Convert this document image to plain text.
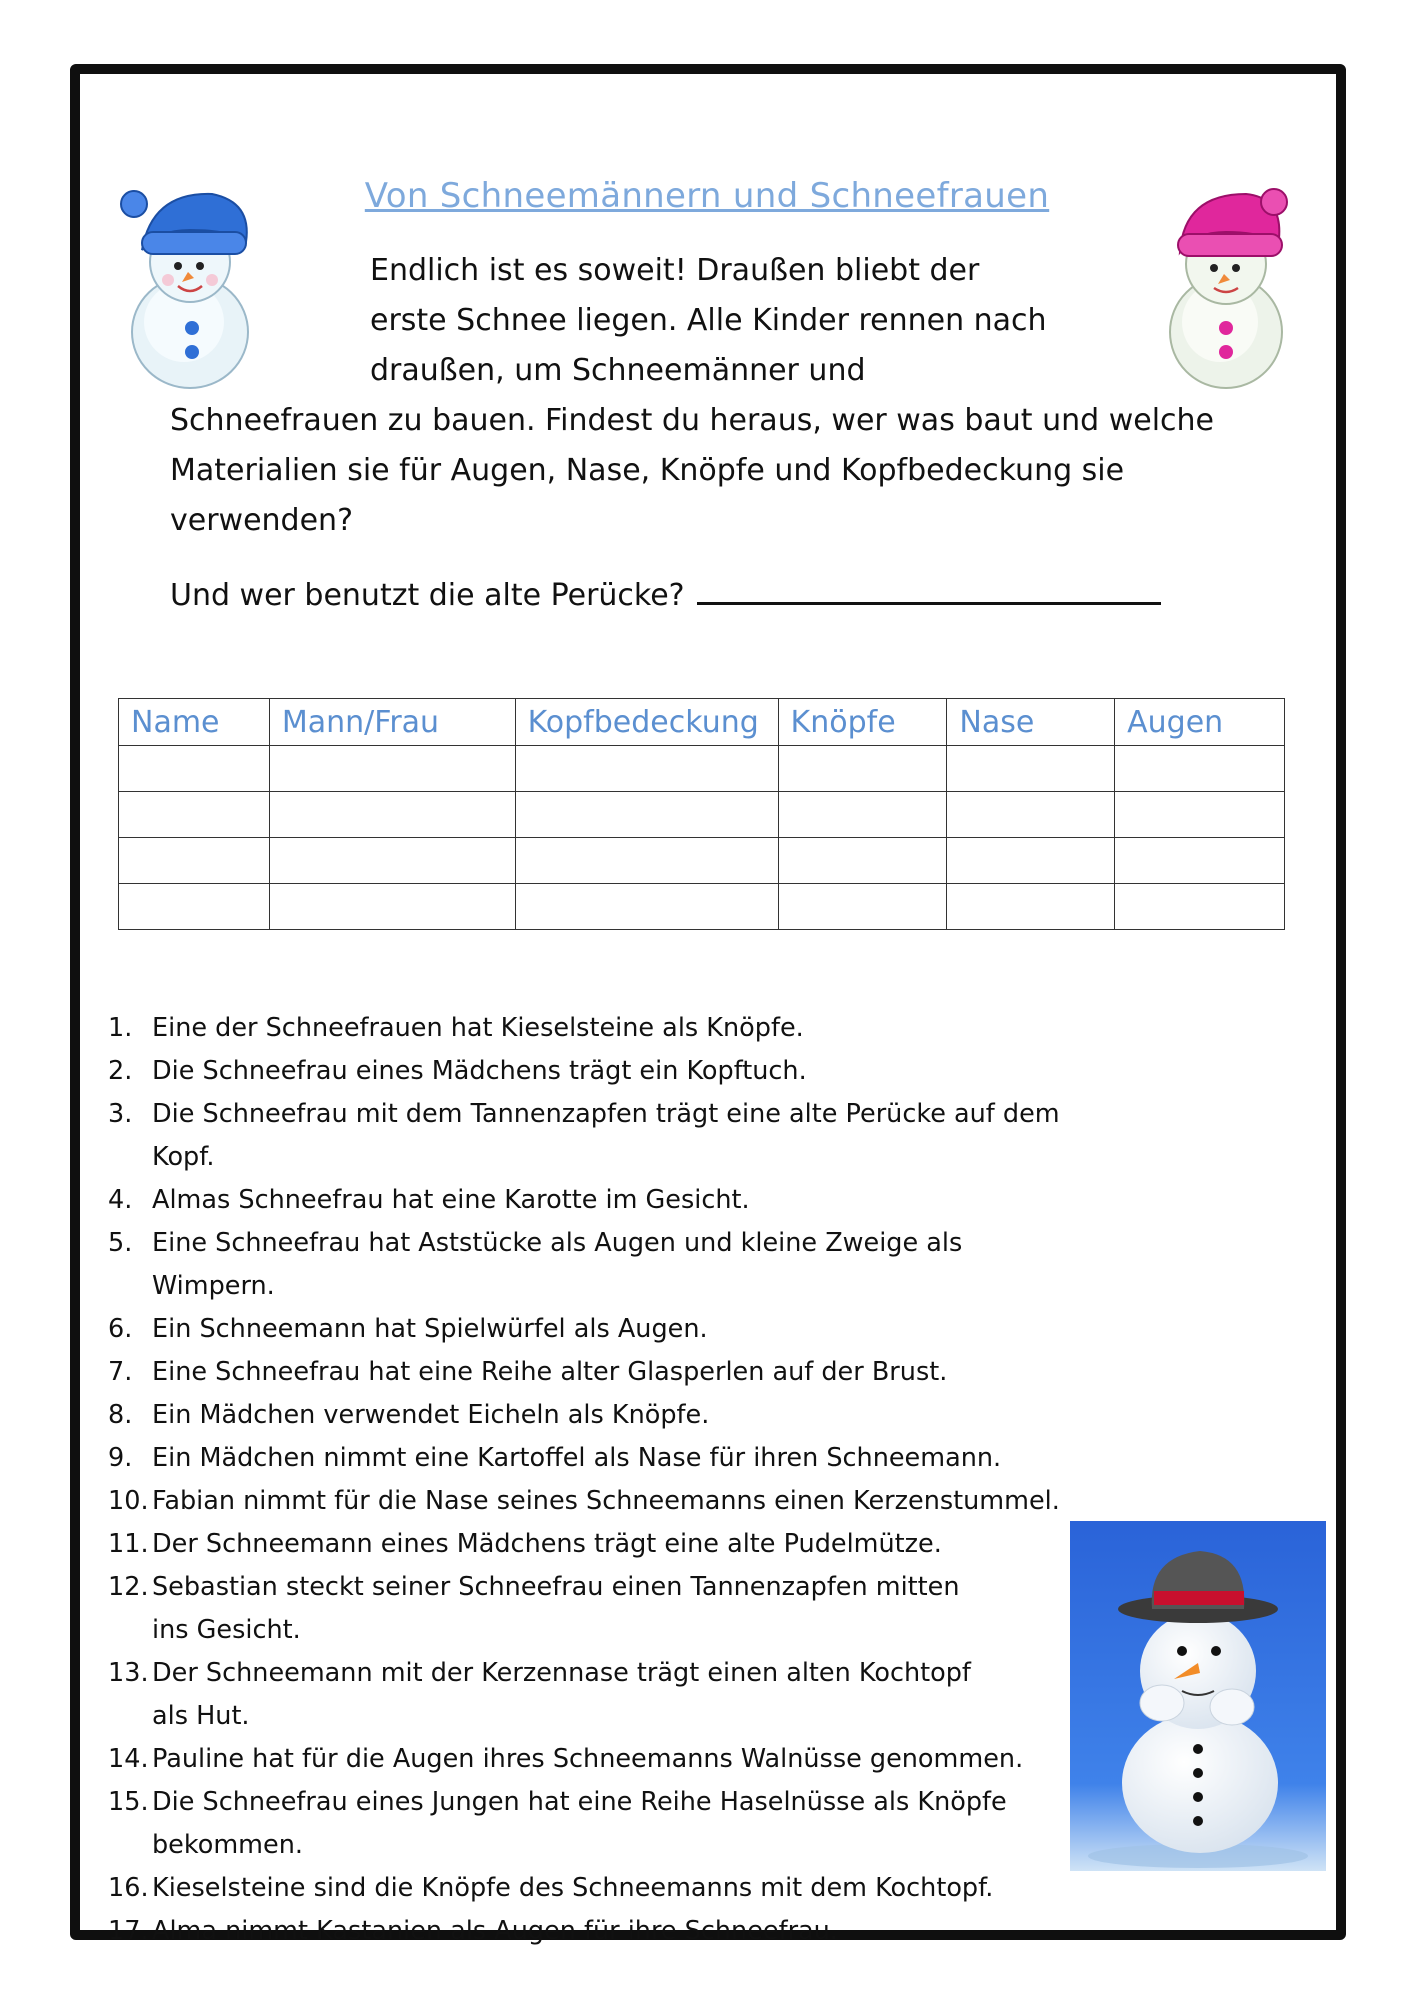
Von Schneemännern und Schneefrauen
Endlich ist es soweit! Draußen bliebt der
erste Schnee liegen. Alle Kinder rennen nach
draußen, um Schneemänner und
Schneefrauen zu bauen. Findest du heraus, wer was baut und welche
Materialien sie für Augen, Nase, Knöpfe und Kopfbedeckung sie
verwenden?
Und wer benutzt die alte Perücke?
Name	Mann/Frau	Kopfbedeckung	Knöpfe	Nase	Augen

1. Eine der Schneefrauen hat Kieselsteine als Knöpfe.
2. Die Schneefrau eines Mädchens trägt ein Kopftuch.
3. Die Schneefrau mit dem Tannenzapfen trägt eine alte Perücke auf dem Kopf.
4. Almas Schneefrau hat eine Karotte im Gesicht.
5. Eine Schneefrau hat Aststücke als Augen und kleine Zweige als Wimpern.
6. Ein Schneemann hat Spielwürfel als Augen.
7. Eine Schneefrau hat eine Reihe alter Glasperlen auf der Brust.
8. Ein Mädchen verwendet Eicheln als Knöpfe.
9. Ein Mädchen nimmt eine Kartoffel als Nase für ihren Schneemann.
10. Fabian nimmt für die Nase seines Schneemanns einen Kerzenstummel.
11. Der Schneemann eines Mädchens trägt eine alte Pudelmütze.
12. Sebastian steckt seiner Schneefrau einen Tannenzapfen mitten
ins Gesicht.
13. Der Schneemann mit der Kerzennase trägt einen alten Kochtopf
als Hut.
14. Pauline hat für die Augen ihres Schneemanns Walnüsse genommen.
15. Die Schneefrau eines Jungen hat eine Reihe Haselnüsse als Knöpfe
bekommen.
16. Kieselsteine sind die Knöpfe des Schneemanns mit dem Kochtopf.
17. Alma nimmt Kastanien als Augen für ihre Schneefrau.
